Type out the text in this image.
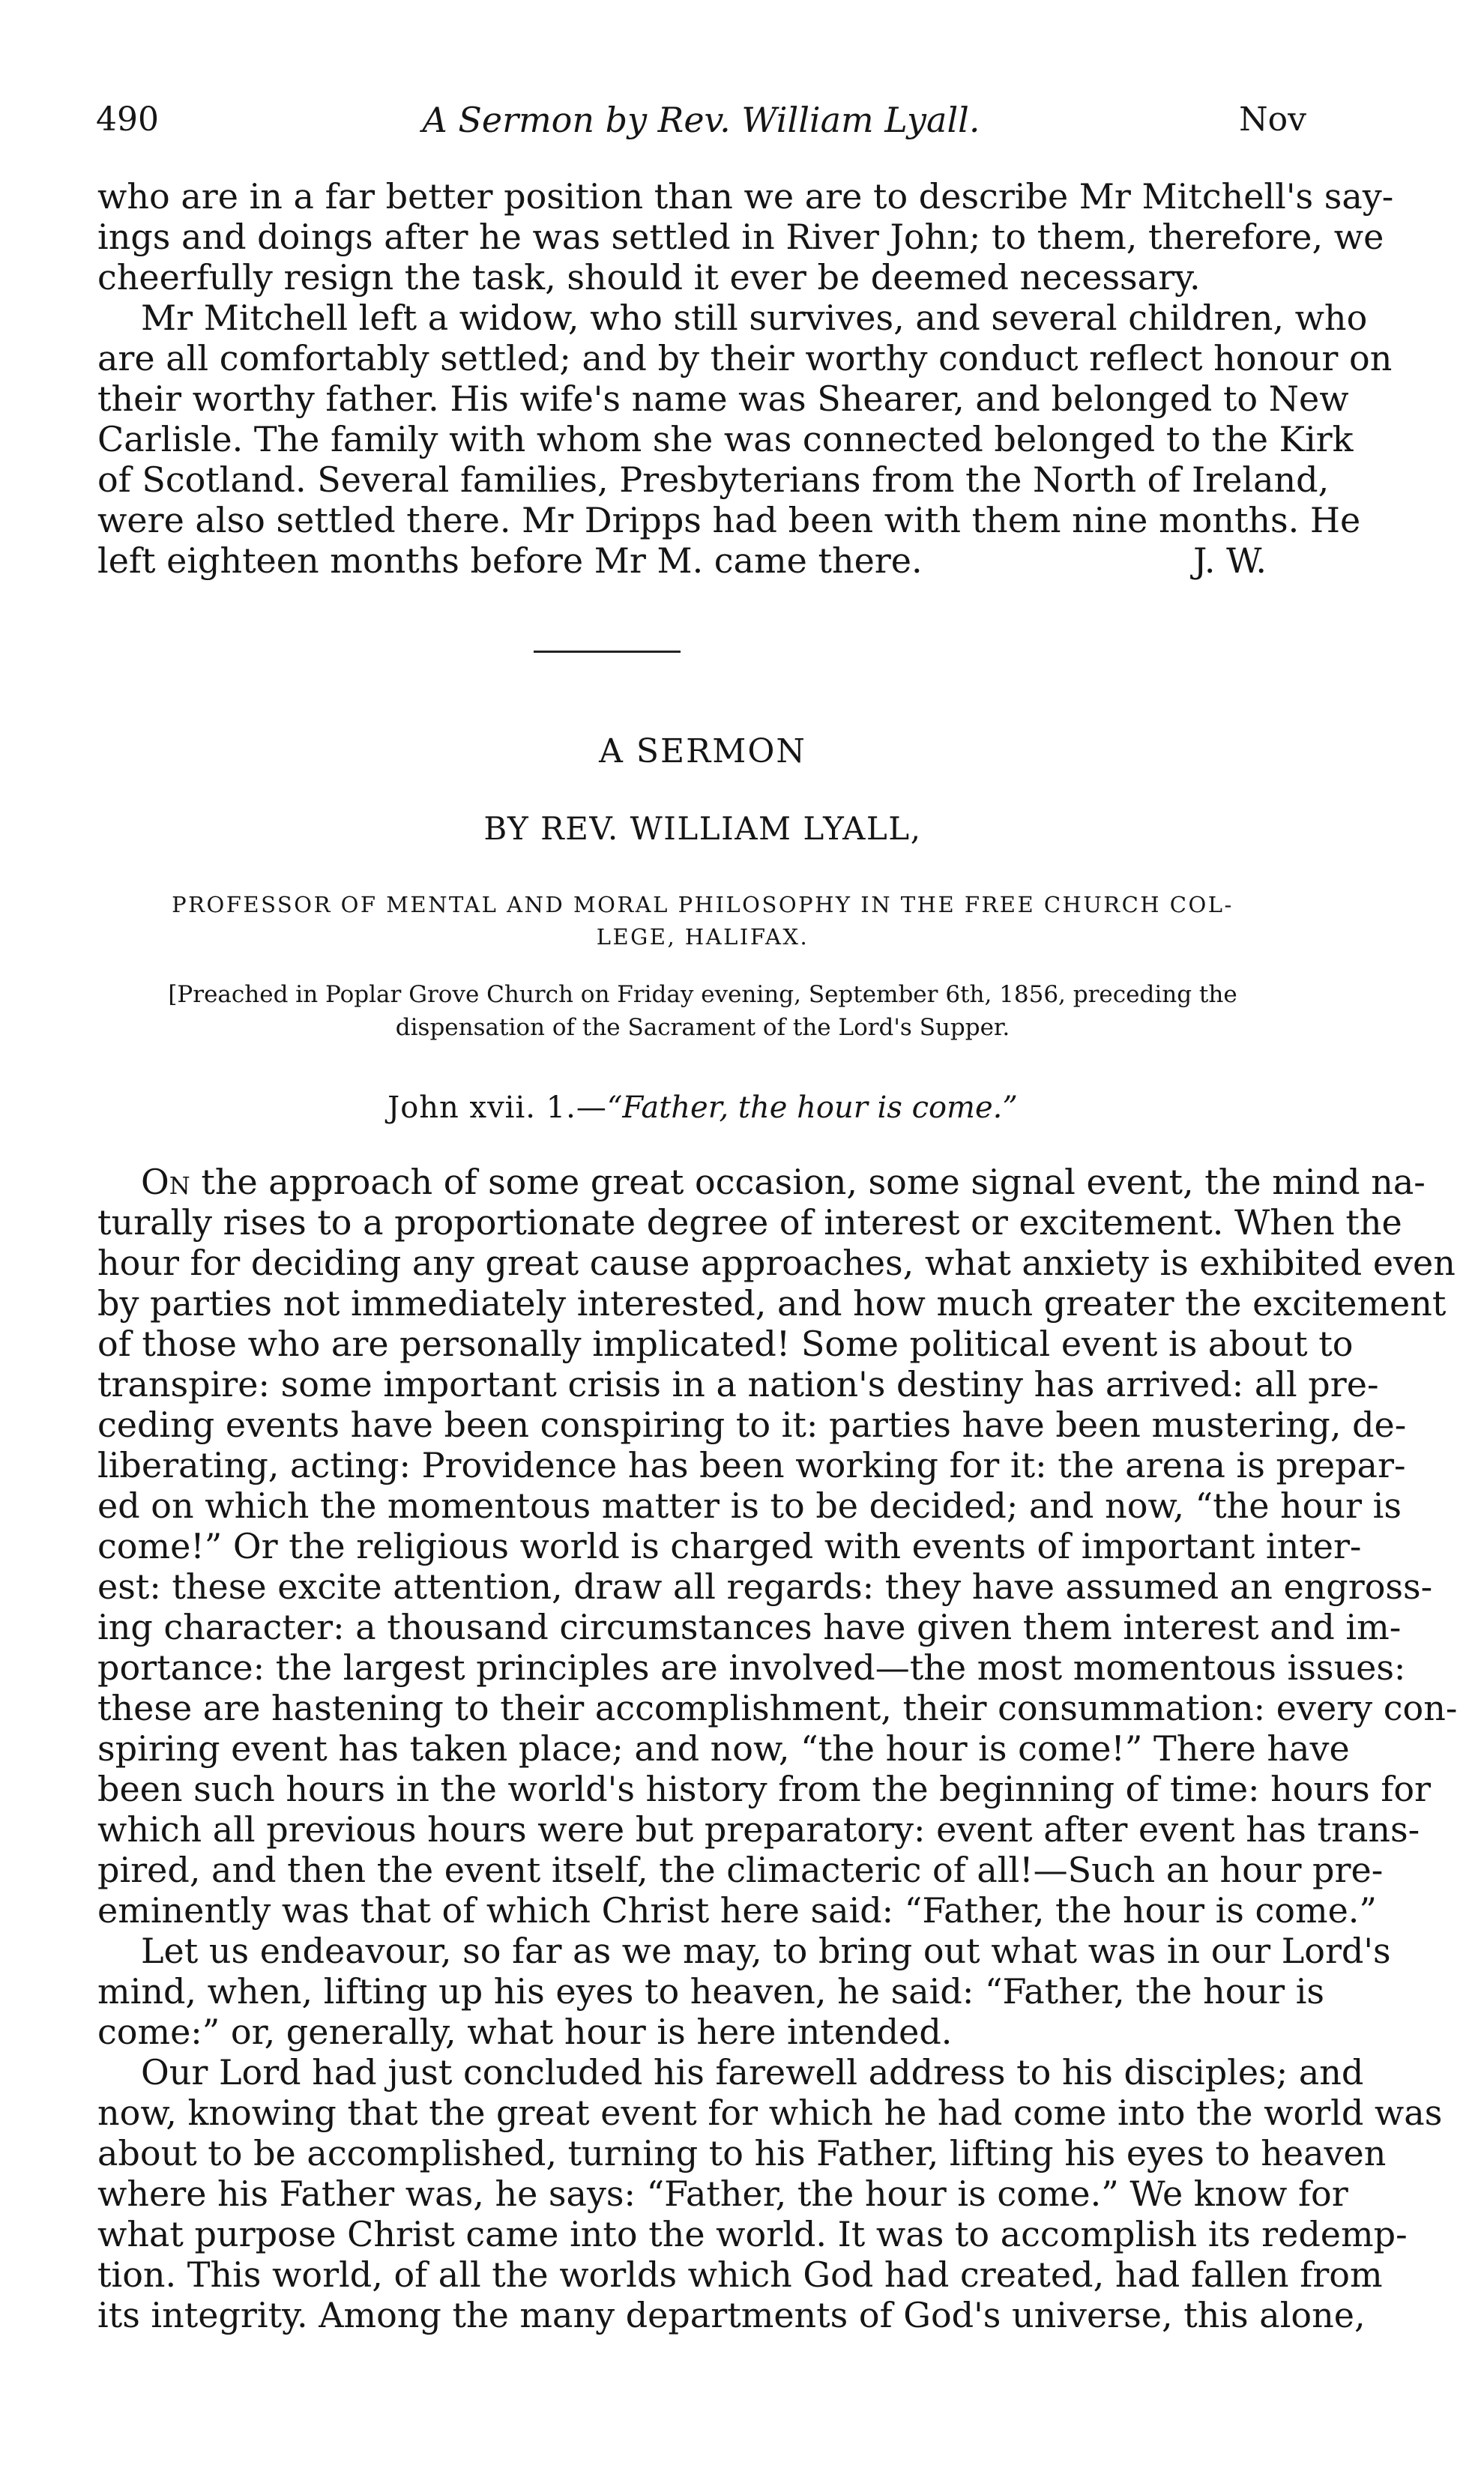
490	A Sermon by Rev. William Lyall.	Nov
who are in a far better position than we are to describe Mr Mitchell's say-
ings and doings after he was settled in River John; to them, therefore, we
cheerfully resign the task, should it ever be deemed necessary.
Mr Mitchell left a widow, who still survives, and several children, who
are all comfortably settled; and by their worthy conduct reflect honour on
their worthy father. His wife's name was Shearer, and belonged to New
Carlisle. The family with whom she was connected belonged to the Kirk
of Scotland. Several families, Presbyterians from the North of Ireland,
were also settled there. Mr Dripps had been with them nine months. He
left eighteen months before Mr M. came there.	J. W.
A SERMON
BY REV. WILLIAM LYALL,
PROFESSOR OF MENTAL AND MORAL PHILOSOPHY IN THE FREE CHURCH COL-
LEGE, HALIFAX.
[Preached in Poplar Grove Church on Friday evening, September 6th, 1856, preceding the
dispensation of the Sacrament of the Lord's Supper.
John xvii. 1.—“Father, the hour is come.”
On the approach of some great occasion, some signal event, the mind na-
turally rises to a proportionate degree of interest or excitement. When the
hour for deciding any great cause approaches, what anxiety is exhibited even
by parties not immediately interested, and how much greater the excitement
of those who are personally implicated! Some political event is about to
transpire: some important crisis in a nation's destiny has arrived: all pre-
ceding events have been conspiring to it: parties have been mustering, de-
liberating, acting: Providence has been working for it: the arena is prepar-
ed on which the momentous matter is to be decided; and now, “the hour is
come!” Or the religious world is charged with events of important inter-
est: these excite attention, draw all regards: they have assumed an engross-
ing character: a thousand circumstances have given them interest and im-
portance: the largest principles are involved—the most momentous issues:
these are hastening to their accomplishment, their consummation: every con-
spiring event has taken place; and now, “the hour is come!” There have
been such hours in the world's history from the beginning of time: hours for
which all previous hours were but preparatory: event after event has trans-
pired, and then the event itself, the climacteric of all!—Such an hour pre-
eminently was that of which Christ here said: “Father, the hour is come.”
Let us endeavour, so far as we may, to bring out what was in our Lord's
mind, when, lifting up his eyes to heaven, he said: “Father, the hour is
come:” or, generally, what hour is here intended.
Our Lord had just concluded his farewell address to his disciples; and
now, knowing that the great event for which he had come into the world was
about to be accomplished, turning to his Father, lifting his eyes to heaven
where his Father was, he says: “Father, the hour is come.” We know for
what purpose Christ came into the world. It was to accomplish its redemp-
tion. This world, of all the worlds which God had created, had fallen from
its integrity. Among the many departments of God's universe, this alone,
